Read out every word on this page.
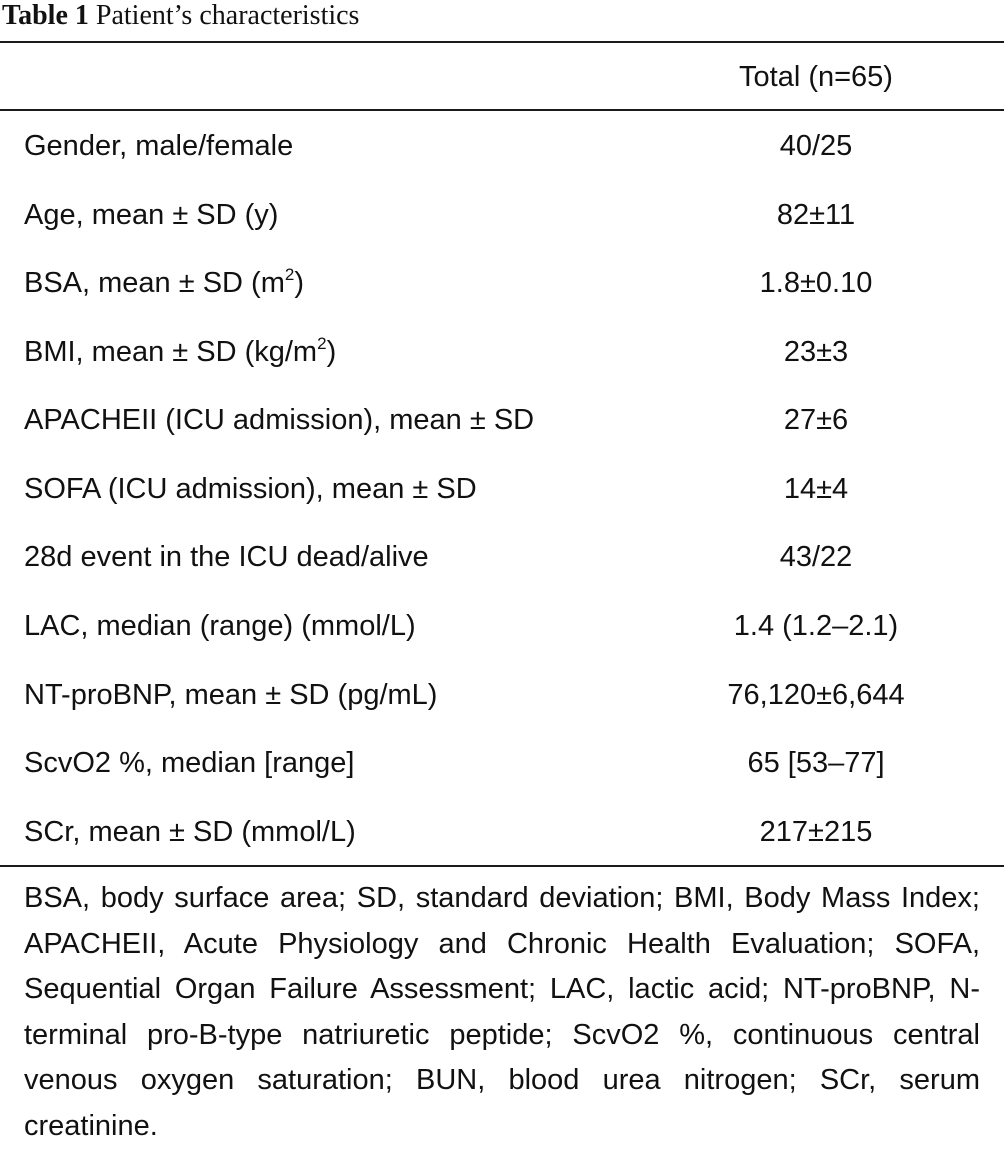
Table 1 Patient’s characteristics
Total (n=65)
Gender, male/female	40/25
Age, mean ± SD (y)	82±11
BSA, mean ± SD $(m^2)$	1.8±0.10
BMI, mean ± SD $(kg/m^2)$	23±3
APACHEII (ICU admission), mean ± SD	27±6
SOFA (ICU admission), mean ± SD	14±4
28d event in the ICU dead/alive	43/22
LAC, median (range) (mmol/L)	1.4 (1.2–2.1)
NT-proBNP, mean ± SD (pg/mL)	76,120±6,644
ScvO2 %, median [range]	65 [53–77]
SCr, mean ± SD (mmol/L)	217±215
BSA, body surface area; SD, standard deviation; BMI, Body Mass Index; APACHEII, Acute Physiology and Chronic Health Evaluation; SOFA, Sequential Organ Failure Assessment; LAC, lactic acid; NT-proBNP, N-terminal pro-B-type natriuretic peptide; ScvO2 %, continuous central venous oxygen saturation; BUN, blood urea nitrogen; SCr, serum creatinine.
